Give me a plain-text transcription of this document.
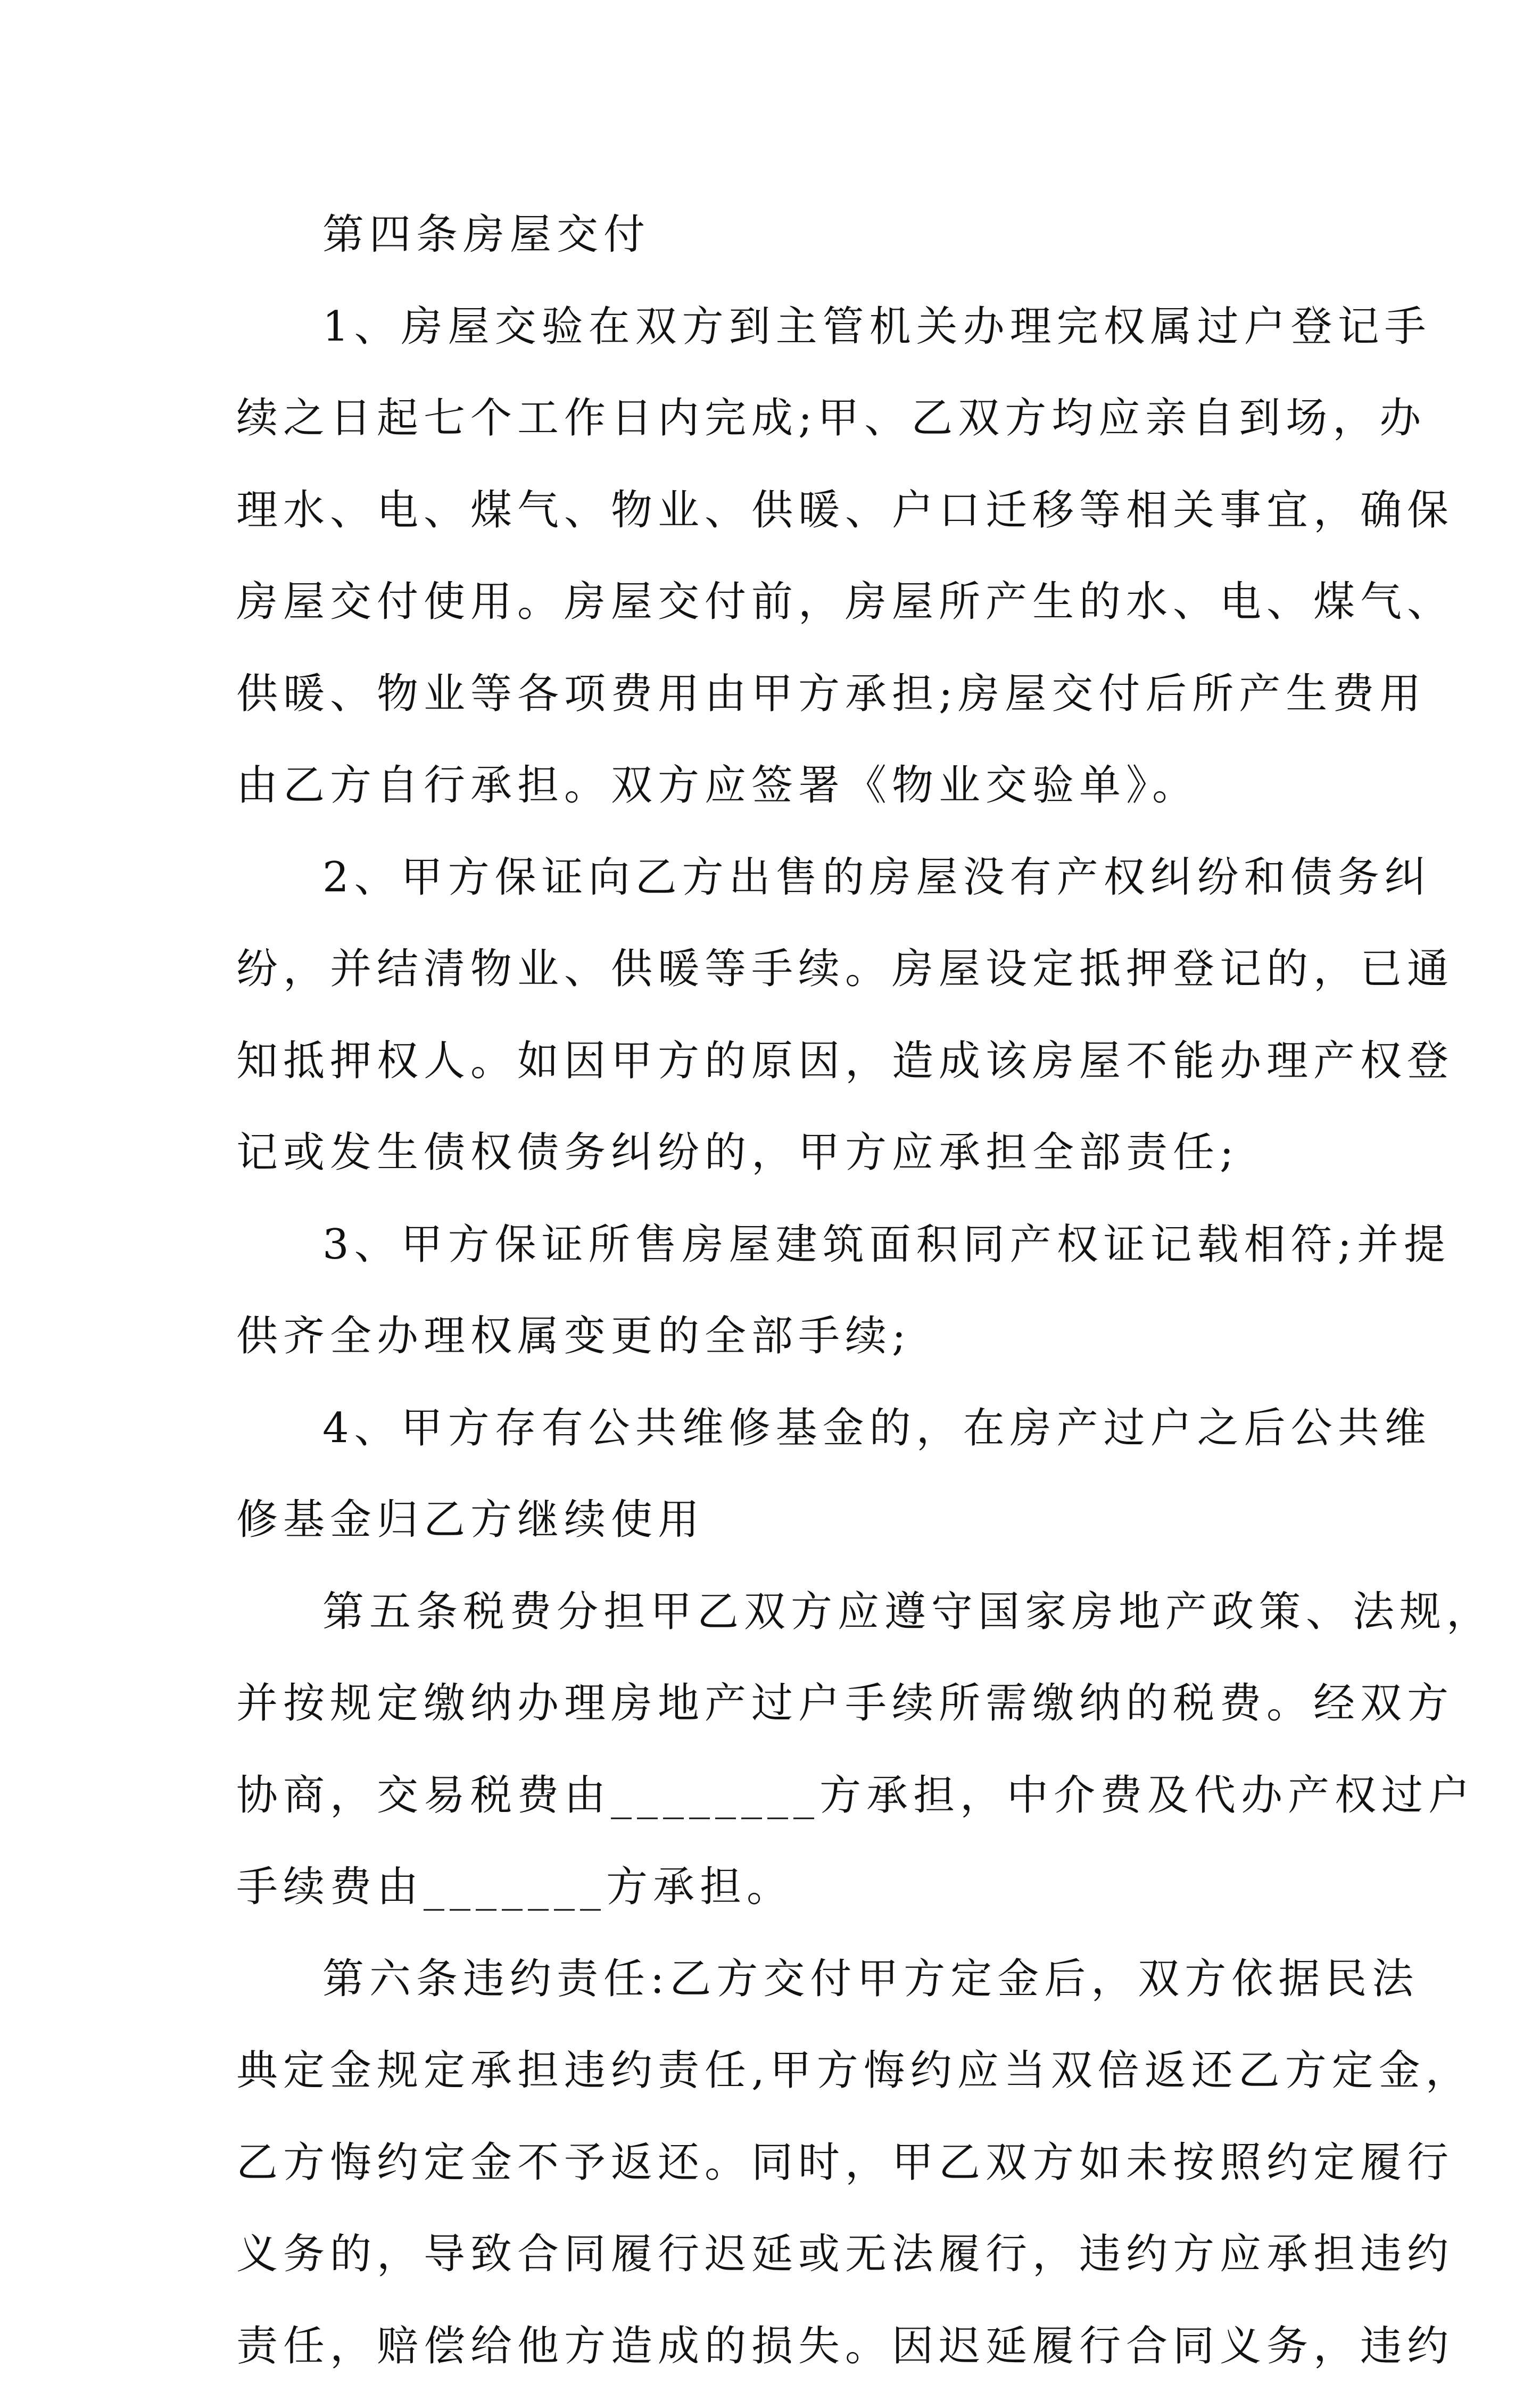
第四条房屋交付
1、房屋交验在双方到主管机关办理完权属过户登记手
续之日起七个工作日内完成;甲、乙双方均应亲自到场，办
理水、电、煤气、物业、供暖、户口迁移等相关事宜，确保
房屋交付使用。房屋交付前，房屋所产生的水、电、煤气、
供暖、物业等各项费用由甲方承担;房屋交付后所产生费用
由乙方自行承担。双方应签署《物业交验单》。
2、甲方保证向乙方出售的房屋没有产权纠纷和债务纠
纷，并结清物业、供暖等手续。房屋设定抵押登记的，已通
知抵押权人。如因甲方的原因，造成该房屋不能办理产权登
记或发生债权债务纠纷的，甲方应承担全部责任;
3、甲方保证所售房屋建筑面积同产权证记载相符;并提
供齐全办理权属变更的全部手续;
4、甲方存有公共维修基金的，在房产过户之后公共维
修基金归乙方继续使用
第五条税费分担甲乙双方应遵守国家房地产政策、法规，
并按规定缴纳办理房地产过户手续所需缴纳的税费。经双方
协商，交易税费由________方承担，中介费及代办产权过户
手续费由_______方承担。
第六条违约责任:乙方交付甲方定金后，双方依据民法
典定金规定承担违约责任,甲方悔约应当双倍返还乙方定金，
乙方悔约定金不予返还。同时，甲乙双方如未按照约定履行
义务的，导致合同履行迟延或无法履行，违约方应承担违约
责任，赔偿给他方造成的损失。因迟延履行合同义务，违约
